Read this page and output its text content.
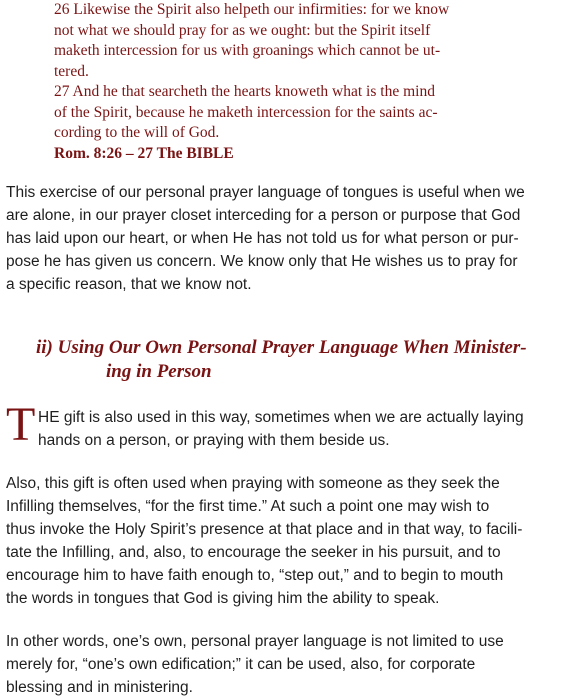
26 Likewise the Spirit also helpeth our infirmities: for we know

not what we should pray for as we ought: but the Spirit itself

maketh intercession for us with groanings which cannot be ut-

tered.

27 And he that searcheth the hearts knoweth what is the mind

of the Spirit, because he maketh intercession for the saints ac-

cording to the will of God.

Rom. 8:26 – 27 The BIBLE

This exercise of our personal prayer language of tongues is useful when we
are alone, in our prayer closet interceding for a person or purpose that God
has laid upon our heart, or when He has not told us for what person or pur-
pose he has given us concern. We know only that He wishes us to pray for
a specific reason, that we know not.
ii) Using Our Own Personal Prayer Language When Minister-
ing in Person
T HE gift is also used in this way, sometimes when we are actually laying
hands on a person, or praying with them beside us.
Also, this gift is often used when praying with someone as they seek the
Infilling themselves, “for the first time.” At such a point one may wish to
thus invoke the Holy Spirit’s presence at that place and in that way, to facili-
tate the Infilling, and, also, to encourage the seeker in his pursuit, and to
encourage him to have faith enough to, “step out,” and to begin to mouth
the words in tongues that God is giving him the ability to speak.
In other words, one’s own, personal prayer language is not limited to use
merely for, “one’s own edification;” it can be used, also, for corporate
blessing and in ministering.
